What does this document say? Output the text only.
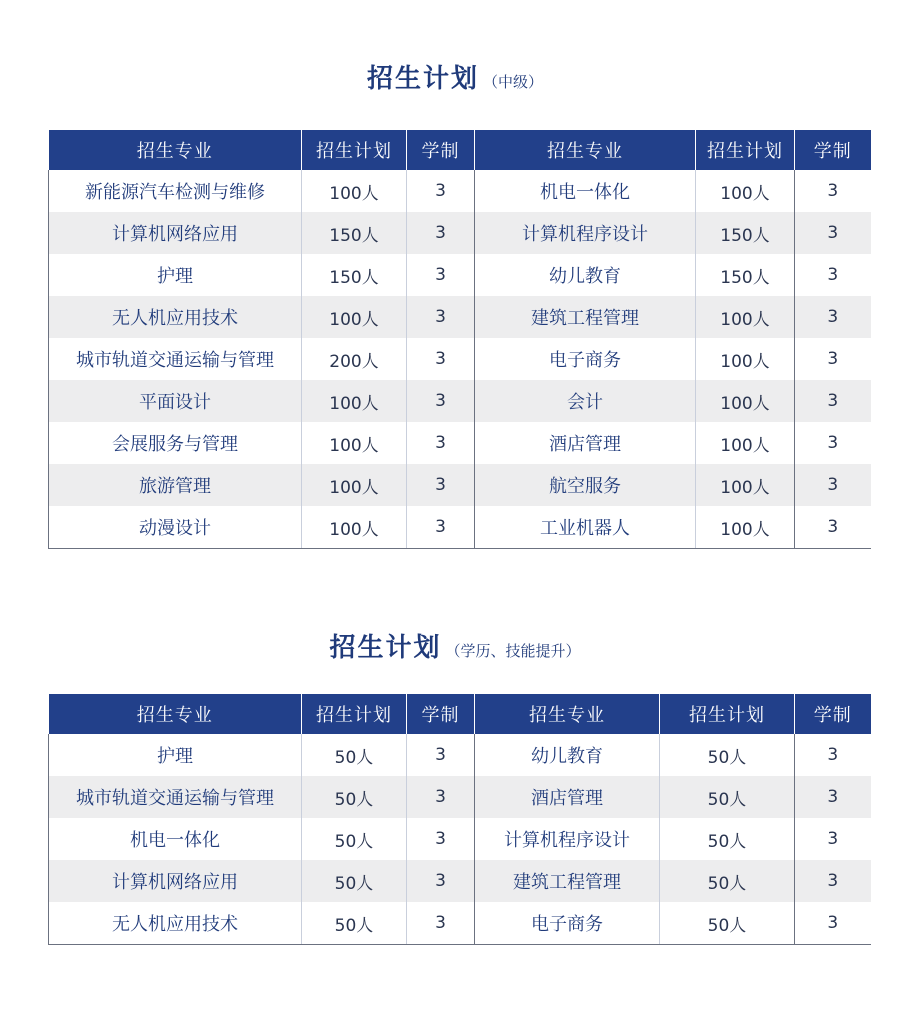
招生计划 （中级）
招生专业	招生计划	学制	招生专业	招生计划	学制
新能源汽车检测与维修	100人	3	机电一体化	100人	3
计算机网络应用	150人	3	计算机程序设计	150人	3
护理	150人	3	幼儿教育	150人	3
无人机应用技术	100人	3	建筑工程管理	100人	3
城市轨道交通运输与管理	200人	3	电子商务	100人	3
平面设计	100人	3	会计	100人	3
会展服务与管理	100人	3	酒店管理	100人	3
旅游管理	100人	3	航空服务	100人	3
动漫设计	100人	3	工业机器人	100人	3
招生计划 （学历、技能提升）
招生专业	招生计划	学制	招生专业	招生计划	学制
护理	50人	3	幼儿教育	50人	3
城市轨道交通运输与管理	50人	3	酒店管理	50人	3
机电一体化	50人	3	计算机程序设计	50人	3
计算机网络应用	50人	3	建筑工程管理	50人	3
无人机应用技术	50人	3	电子商务	50人	3
